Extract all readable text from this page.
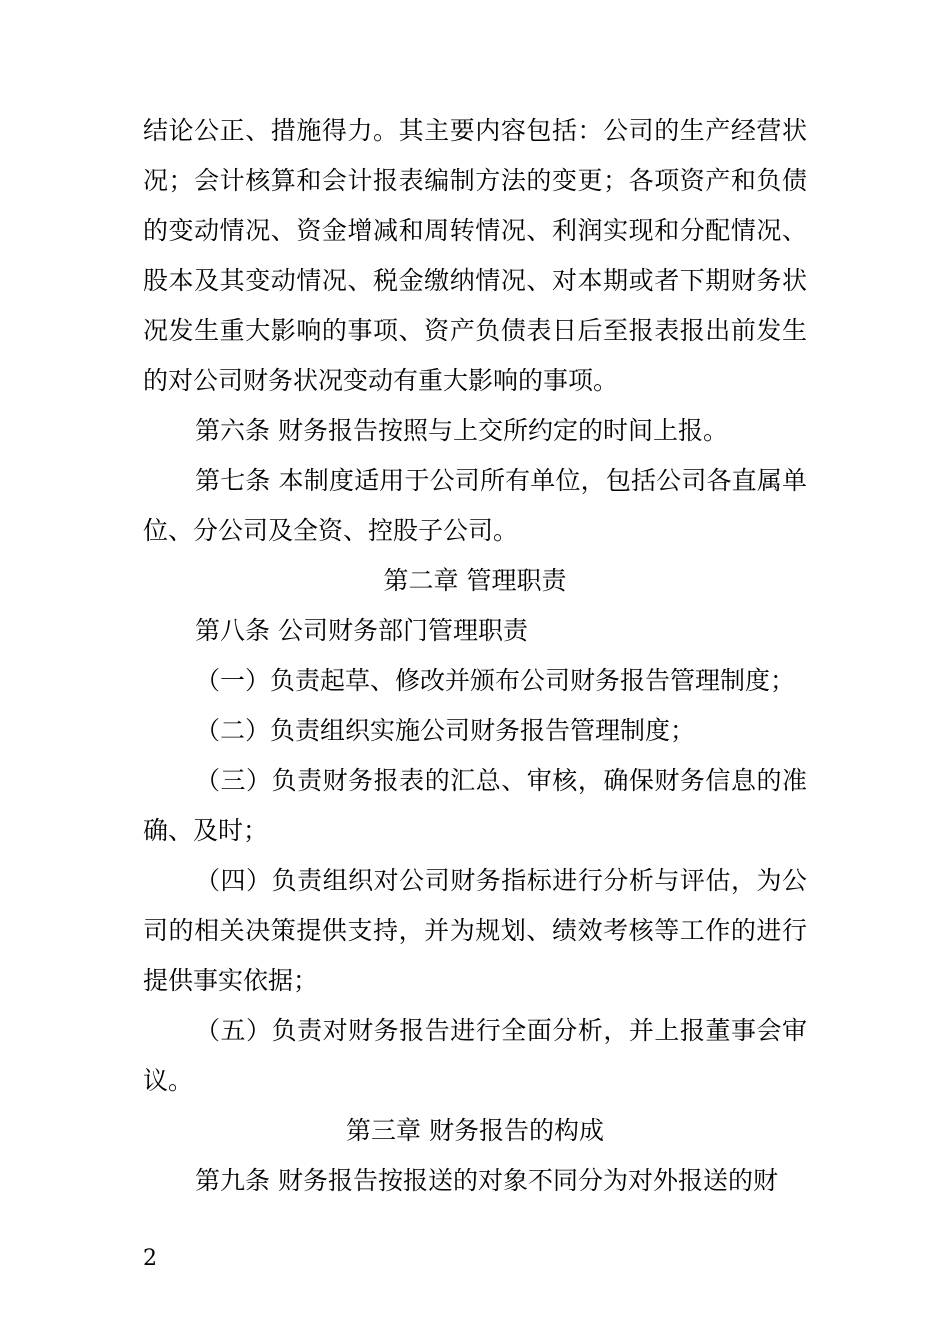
结论公正、措施得力。其主要内容包括：公司的生产经营状况；会计核算和会计报表编制方法的变更；各项资产和负债的变动情况、资金增减和周转情况、利润实现和分配情况、股本及其变动情况、税金缴纳情况、对本期或者下期财务状况发生重大影响的事项、资产负债表日后至报表报出前发生的对公司财务状况变动有重大影响的事项。

第六条 财务报告按照与上交所约定的时间上报。

第七条 本制度适用于公司所有单位，包括公司各直属单位、分公司及全资、控股子公司。

第二章 管理职责

第八条 公司财务部门管理职责

（一）负责起草、修改并颁布公司财务报告管理制度；

（二）负责组织实施公司财务报告管理制度；

（三）负责财务报表的汇总、审核，确保财务信息的准确、及时；

（四）负责组织对公司财务指标进行分析与评估，为公司的相关决策提供支持，并为规划、绩效考核等工作的进行提供事实依据；

（五）负责对财务报告进行全面分析，并上报董事会审议。

第三章 财务报告的构成

第九条 财务报告按报送的对象不同分为对外报送的财

2
